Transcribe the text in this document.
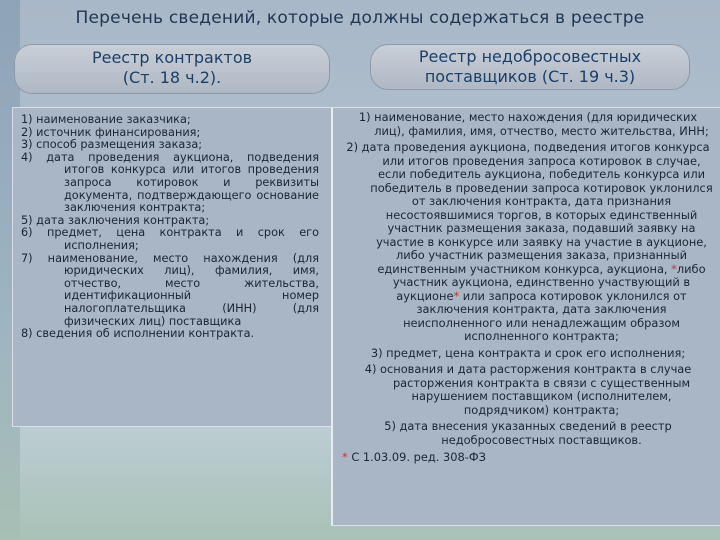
Перечень сведений, которые должны содержаться в реестре
Реестр контрактов
(Ст. 18 ч.2).
Реестр недобросовестных
поставщиков (Ст. 19 ч.3)
1) наименование заказчика;
2) источник финансирования;
3) способ размещения заказа;
4) дата проведения аукциона, подведения итогов конкурса или итогов проведения запроса котировок и реквизиты документа, подтверждающего основание заключения контракта;
5) дата заключения контракта;
6) предмет, цена контракта и срок его исполнения;
7) наименование, место нахождения (для юридических лиц), фамилия, имя, отчество, место жительства, идентификационный номер налогоплательщика (ИНН) (для физических лиц) поставщика
8) сведения об исполнении контракта.
1) наименование, место нахождения (для юридических лиц), фамилия, имя, отчество, место жительства, ИНН;
2) дата проведения аукциона, подведения итогов конкурса или итогов проведения запроса котировок в случае, если победитель аукциона, победитель конкурса или победитель в проведении запроса котировок уклонился от заключения контракта, дата признания несостоявшимися торгов, в которых единственный участник размещения заказа, подавший заявку на участие в конкурсе или заявку на участие в аукционе, либо участник размещения заказа, признанный единственным участником конкурса, аукциона, *либо участник аукциона, единственно участвующий в аукционе* или запроса котировок уклонился от заключения контракта, дата заключения неисполненного или ненадлежащим образом исполненного контракта;
3) предмет, цена контракта и срок его исполнения;
4) основания и дата расторжения контракта в случае расторжения контракта в связи с существенным нарушением поставщиком (исполнителем, подрядчиком) контракта;
5) дата внесения указанных сведений в реестр недобросовестных поставщиков.
* С 1.03.09. ред. 308-ФЗ
